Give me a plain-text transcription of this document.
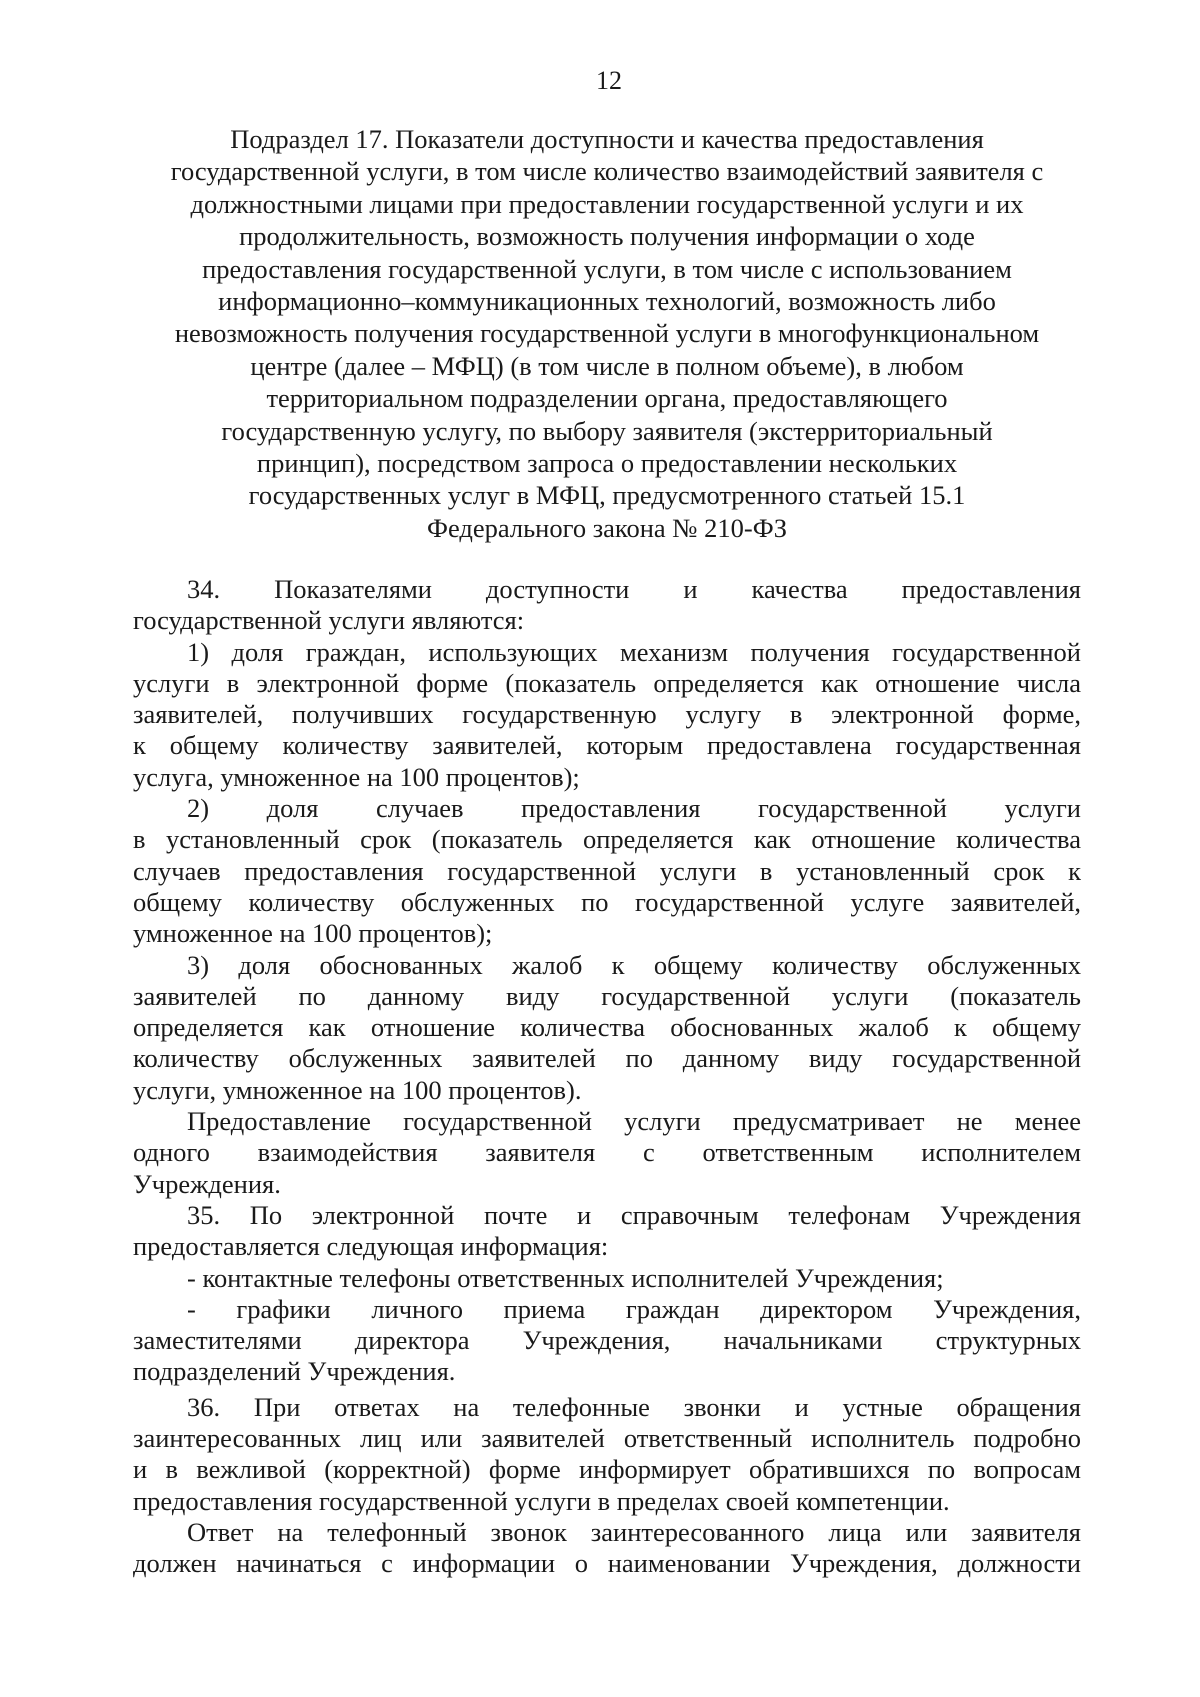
12
Подраздел 17. Показатели доступности и качества предоставления
государственной услуги, в том числе количество взаимодействий заявителя с
должностными лицами при предоставлении государственной услуги и их
продолжительность, возможность получения информации о ходе
предоставления государственной услуги, в том числе с использованием
информационно–коммуникационных технологий, возможность либо
невозможность получения государственной услуги в многофункциональном
центре (далее – МФЦ) (в том числе в полном объеме), в любом
территориальном подразделении органа, предоставляющего
государственную услугу, по выбору заявителя (экстерриториальный
принцип), посредством запроса о предоставлении нескольких
государственных услуг в МФЦ, предусмотренного статьей 15.1
Федерального закона № 210-ФЗ
34. Показателями доступности и качества предоставления
государственной услуги являются:
1) доля граждан, использующих механизм получения государственной
услуги в электронной форме (показатель определяется как отношение числа
заявителей, получивших государственную услугу в электронной форме,
к общему количеству заявителей, которым предоставлена государственная
услуга, умноженное на 100 процентов);
2) доля случаев предоставления государственной услуги
в установленный срок (показатель определяется как отношение количества
случаев предоставления государственной услуги в установленный срок к
общему количеству обслуженных по государственной услуге заявителей,
умноженное на 100 процентов);
3) доля обоснованных жалоб к общему количеству обслуженных
заявителей по данному виду государственной услуги (показатель
определяется как отношение количества обоснованных жалоб к общему
количеству обслуженных заявителей по данному виду государственной
услуги, умноженное на 100 процентов).
Предоставление государственной услуги предусматривает не менее
одного взаимодействия заявителя с ответственным исполнителем
Учреждения.
35. По электронной почте и справочным телефонам Учреждения
предоставляется следующая информация:
- контактные телефоны ответственных исполнителей Учреждения;
- графики личного приема граждан директором Учреждения,
заместителями директора Учреждения, начальниками структурных
подразделений Учреждения.
36. При ответах на телефонные звонки и устные обращения
заинтересованных лиц или заявителей ответственный исполнитель подробно
и в вежливой (корректной) форме информирует обратившихся по вопросам
предоставления государственной услуги в пределах своей компетенции.
Ответ на телефонный звонок заинтересованного лица или заявителя
должен начинаться с информации о наименовании Учреждения, должности
